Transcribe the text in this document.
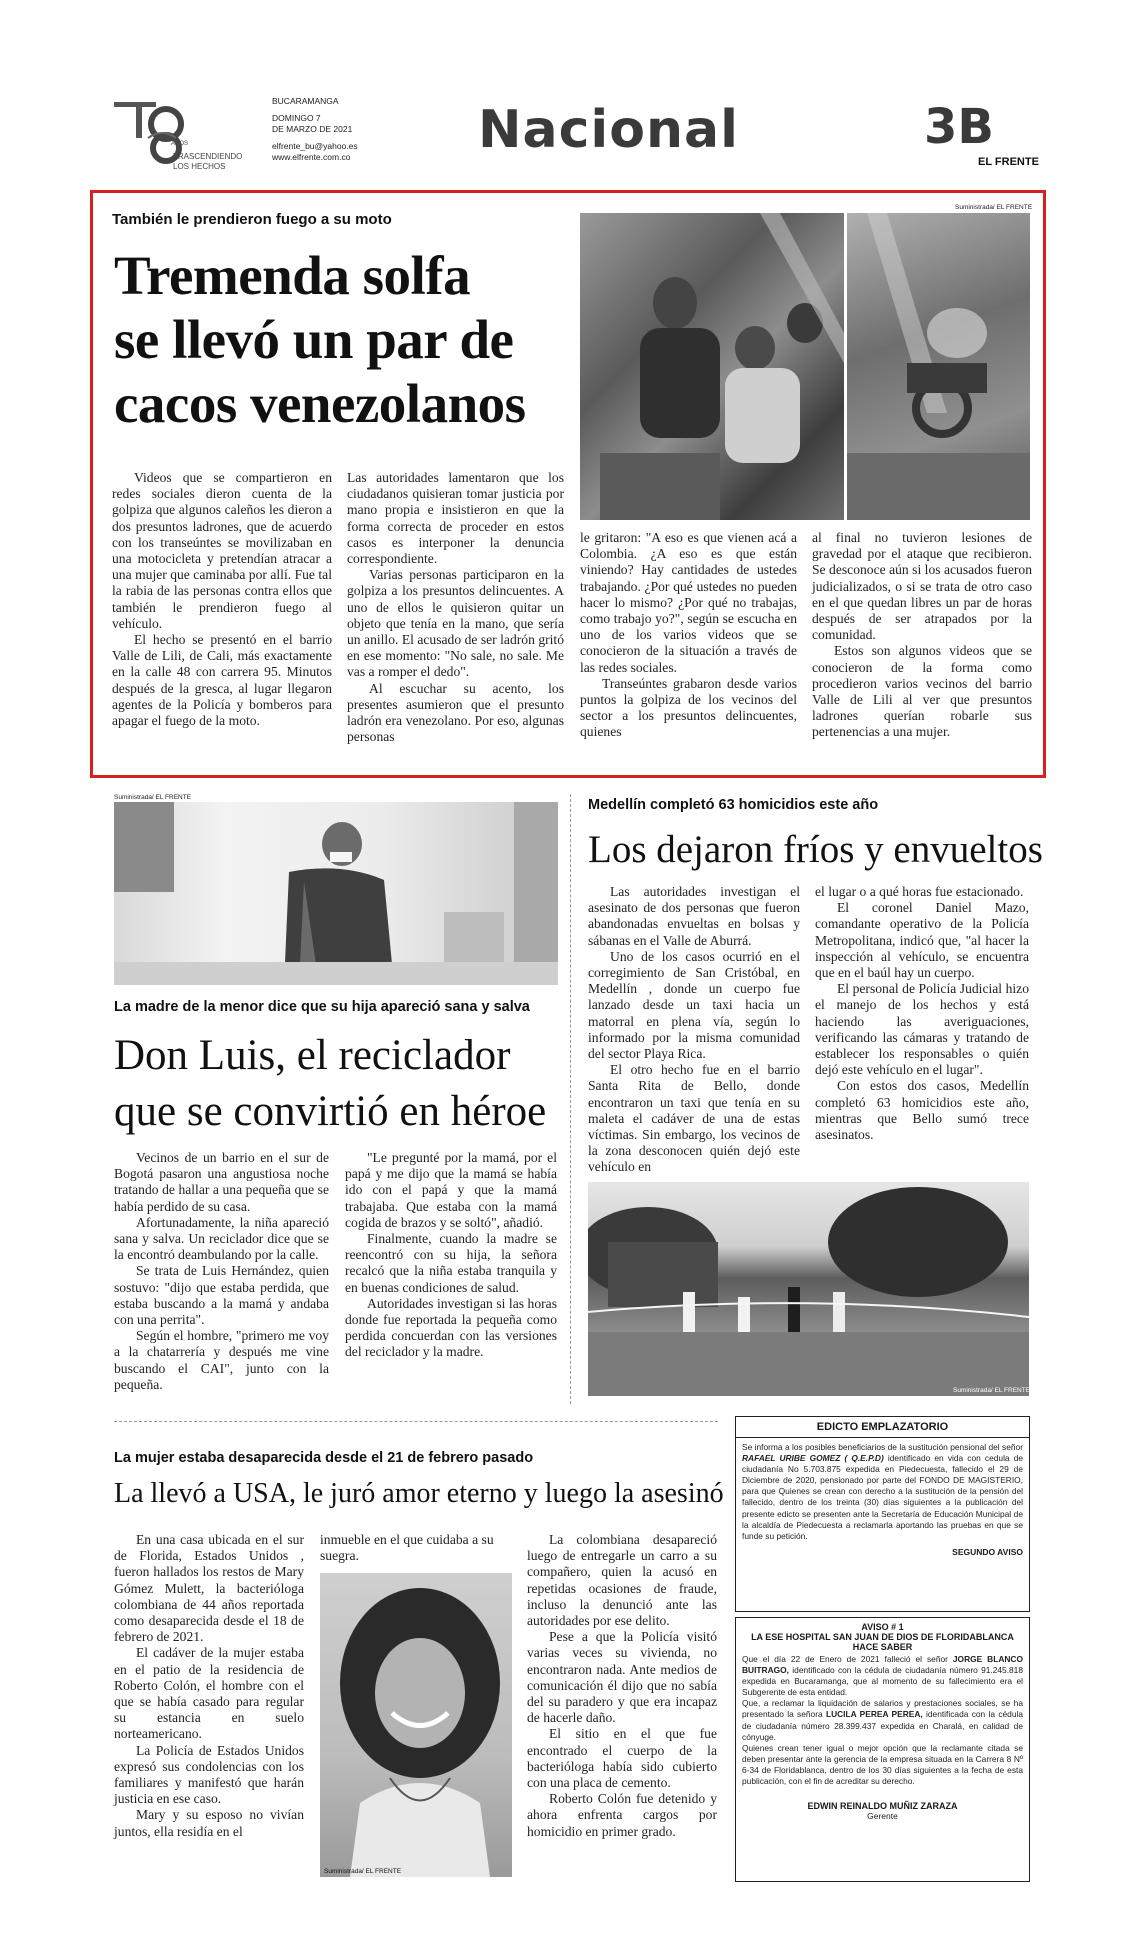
AÑOS
TRASCENDIENDO
LOS HECHOS
BUCARAMANGA
DOMINGO 7
DE MARZO DE 2021
elfrente_bu@yahoo.es
www.elfrente.com.co Nacional	3B
EL FRENTE
También le prendieron fuego a su moto
Tremenda solfa
se llevó un par de
cacos venezolanos
Suministrada/ EL FRENTE

Videos que se compartieron en redes sociales dieron cuenta de la golpiza que algunos caleños les dieron a dos presuntos ladrones, que de acuerdo con los transeúntes se movilizaban en una motocicleta y pretendían atracar a una mujer que caminaba por allí. Fue tal la rabia de las personas contra ellos que también le prendieron fuego al vehículo.

El hecho se presentó en el barrio Valle de Lili, de Cali, más exactamente en la calle 48 con carrera 95. Minutos después de la gresca, al lugar llegaron agentes de la Policía y bomberos para apagar el fuego de la moto.

Las autoridades lamentaron que los ciudadanos quisieran tomar justicia por mano propia e insistieron en que la forma correcta de proceder en estos casos es interponer la denuncia correspondiente.

Varias personas participaron en la golpiza a los presuntos delincuentes. A uno de ellos le quisieron quitar un objeto que tenía en la mano, que sería un anillo. El acusado de ser ladrón gritó en ese momento: "No sale, no sale. Me vas a romper el dedo".

Al escuchar su acento, los presentes asumieron que el presunto ladrón era venezolano. Por eso, algunas personas

le gritaron: "A eso es que vienen acá a Colombia. ¿A eso es que están viniendo? Hay cantidades de ustedes trabajando. ¿Por qué ustedes no pueden hacer lo mismo? ¿Por qué no trabajas, como trabajo yo?", según se escucha en uno de los varios videos que se conocieron de la situación a través de las redes sociales.

Transeúntes grabaron desde varios puntos la golpiza de los vecinos del sector a los presuntos delincuentes, quienes

al final no tuvieron lesiones de gravedad por el ataque que recibieron. Se desconoce aún si los acusados fueron judicializados, o si se trata de otro caso en el que quedan libres un par de horas después de ser atrapados por la comunidad.

Estos son algunos videos que se conocieron de la forma como procedieron varios vecinos del barrio Valle de Lili al ver que presuntos ladrones querían robarle sus pertenencias a una mujer.

Suministrada/ EL FRENTE
La madre de la menor dice que su hija apareció sana y salva
Don Luis, el reciclador
que se convirtió en héroe

Vecinos de un barrio en el sur de Bogotá pasaron una angustiosa noche tratando de hallar a una pequeña que se había perdido de su casa.

Afortunadamente, la niña apareció sana y salva. Un reciclador dice que se la encontró deambulando por la calle.

Se trata de Luis Hernández, quien sostuvo: "dijo que estaba perdida, que estaba buscando a la mamá y andaba con una perrita".

Según el hombre, "primero me voy a la chatarrería y después me vine buscando el CAI", junto con la pequeña.

"Le pregunté por la mamá, por el papá y me dijo que la mamá se había ido con el papá y que la mamá trabajaba. Que estaba con la mamá cogida de brazos y se soltó", añadió.

Finalmente, cuando la madre se reencontró con su hija, la señora recalcó que la niña estaba tranquila y en buenas condiciones de salud.

Autoridades investigan si las horas donde fue reportada la pequeña como perdida concuerdan con las versiones del reciclador y la madre.

Medellín completó 63 homicidios este año
Los dejaron fríos y envueltos

Las autoridades investigan el asesinato de dos personas que fueron abandonadas envueltas en bolsas y sábanas en el Valle de Aburrá.

Uno de los casos ocurrió en el corregimiento de San Cristóbal, en Medellín , donde un cuerpo fue lanzado desde un taxi hacia un matorral en plena vía, según lo informado por la misma comunidad del sector Playa Rica.

El otro hecho fue en el barrio Santa Rita de Bello, donde encontraron un taxi que tenía en su maleta el cadáver de una de estas víctimas. Sin embargo, los vecinos de la zona desconocen quién dejó este vehículo en

el lugar o a qué horas fue estacionado.

El coronel Daniel Mazo, comandante operativo de la Policía Metropolitana, indicó que, "al hacer la inspección al vehículo, se encuentra que en el baúl hay un cuerpo.

El personal de Policía Judicial hizo el manejo de los hechos y está haciendo las averiguaciones, verificando las cámaras y tratando de establecer los responsables o quién dejó este vehículo en el lugar".

Con estos dos casos, Medellín completó 63 homicidios este año, mientras que Bello sumó trece asesinatos.

Suministrada/ EL FRENTE
La mujer estaba desaparecida desde el 21 de febrero pasado
La llevó a USA, le juró amor eterno y luego la asesinó

En una casa ubicada en el sur de Florida, Estados Unidos , fueron hallados los restos de Mary Gómez Mulett, la bacterióloga colombiana de 44 años reportada como desaparecida desde el 18 de febrero de 2021.

El cadáver de la mujer estaba en el patio de la residencia de Roberto Colón, el hombre con el que se había casado para regular su estancia en suelo norteamericano.

La Policía de Estados Unidos expresó sus condolencias con los familiares y manifestó que harán justicia en ese caso.

Mary y su esposo no vivían juntos, ella residía en el

inmueble en el que cuidaba a su suegra.
Suministrada/ EL FRENTE

La colombiana desapareció luego de entregarle un carro a su compañero, quien la acusó en repetidas ocasiones de fraude, incluso la denunció ante las autoridades por ese delito.

Pese a que la Policía visitó varias veces su vivienda, no encontraron nada. Ante medios de comunicación él dijo que no sabía del su paradero y que era incapaz de hacerle daño.

El sitio en el que fue encontrado el cuerpo de la bacterióloga había sido cubierto con una placa de cemento.

Roberto Colón fue detenido y ahora enfrenta cargos por homicidio en primer grado.

EDICTO EMPLAZATORIO

Se informa a los posibles beneficiarios de la sustitución pensional del señor RAFAEL URIBE GOMEZ ( Q.E.P.D) identificado en vida con cedula de ciudadanía No 5.703.875 expedida en Piedecuesta, fallecido el 29 de Diciembre de 2020, pensionado por parte del FONDO DE MAGISTERIO, para que Quienes se crean con derecho a la sustitución de la pensión del fallecido, dentro de los treinta (30) días siguientes a la publicación del presente edicto se presenten ante la Secretaría de Educación Municipal de la alcaldía de Piedecuesta a reclamarla aportando las pruebas en que se funde su petición.

SEGUNDO AVISO
AVISO # 1
LA ESE HOSPITAL SAN JUAN DE DIOS DE FLORIDABLANCA
HACE SABER

Que el día 22 de Enero de 2021 falleció el señor JORGE BLANCO BUITRAGO, identificado con la cédula de ciudadanía número 91.245.818 expedida en Bucaramanga, que al momento de su fallecimiento era el Subgerente de esta entidad.

Que, a reclamar la liquidación de salarios y prestaciones sociales, se ha presentado la señora LUCILA PEREA PEREA, identificada con la cédula de ciudadanía número 28.399.437 expedida en Charalá, en calidad de cónyuge.

Quienes crean tener igual o mejor opción que la reclamante citada se deben presentar ante la gerencia de la empresa situada en la Carrera 8 Nº 6-34 de Floridablanca, dentro de los 30 días siguientes a la fecha de esta publicación, con el fin de acreditar su derecho.

EDWIN REINALDO MUÑIZ ZARAZA
Gerente
